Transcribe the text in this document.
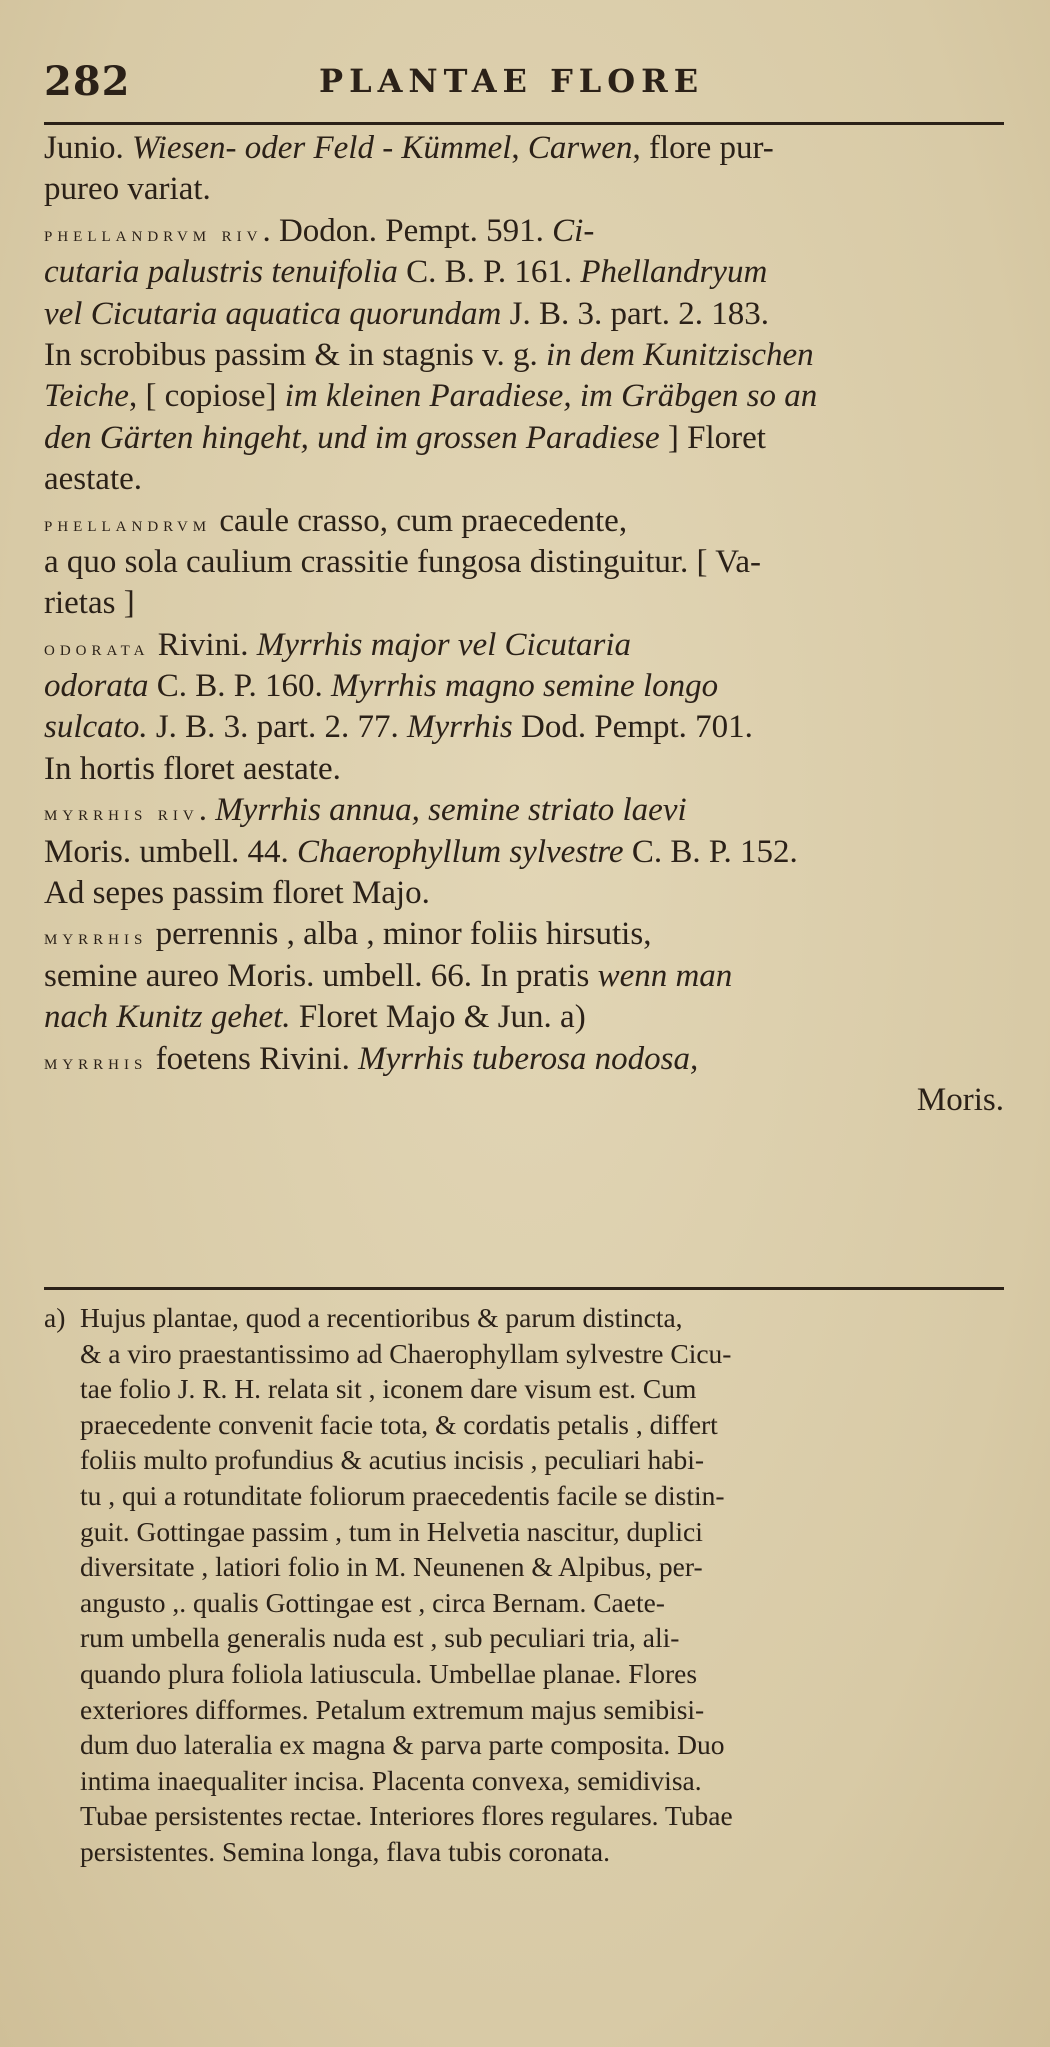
282	PLANTAE FLORE
Junio. Wiesen- oder Feld - Kümmel, Carwen, flore pur-
pureo variat.
phellandrvm riv. Dodon. Pempt. 591. Ci-
cutaria palustris tenuifolia C. B. P. 161. Phellandryum
vel Cicutaria aquatica quorundam J. B. 3. part. 2. 183.
In scrobibus passim & in stagnis v. g. in dem Kunitzischen
Teiche, [ copiose] im kleinen Paradiese, im Gräbgen so an
den Gärten hingeht, und im grossen Paradiese ] Floret
aestate.
phellandrvm caule crasso, cum praecedente,
a quo sola caulium crassitie fungosa distinguitur. [ Va-
rietas ]
odorata Rivini. Myrrhis major vel Cicutaria
odorata C. B. P. 160. Myrrhis magno semine longo
sulcato. J. B. 3. part. 2. 77. Myrrhis Dod. Pempt. 701.
In hortis floret aestate.
myrrhis riv. Myrrhis annua, semine striato laevi
Moris. umbell. 44. Chaerophyllum sylvestre C. B. P. 152.
Ad sepes passim floret Majo.
myrrhis perrennis , alba , minor foliis hirsutis,
semine aureo Moris. umbell. 66. In pratis wenn man
nach Kunitz gehet. Floret Majo & Jun. a)
myrrhis foetens Rivini. Myrrhis tuberosa nodosa,
Moris.
a) Hujus plantae, quod a recentioribus & parum distincta,
& a viro praestantissimo ad Chaerophyllam sylvestre Cicu-
tae folio J. R. H. relata sit , iconem dare visum est. Cum
praecedente convenit facie tota, & cordatis petalis , differt
foliis multo profundius & acutius incisis , peculiari habi-
tu , qui a rotunditate foliorum praecedentis facile se distin-
guit. Gottingae passim , tum in Helvetia nascitur, duplici
diversitate , latiori folio in M. Neunenen & Alpibus, per-
angusto ,. qualis Gottingae est , circa Bernam. Caete-
rum umbella generalis nuda est , sub peculiari tria, ali-
quando plura foliola latiuscula. Umbellae planae. Flores
exteriores difformes. Petalum extremum majus semibisi-
dum duo lateralia ex magna & parva parte composita. Duo
intima inaequaliter incisa. Placenta convexa, semidivisa.
Tubae persistentes rectae. Interiores flores regulares. Tubae
persistentes. Semina longa, flava tubis coronata.
